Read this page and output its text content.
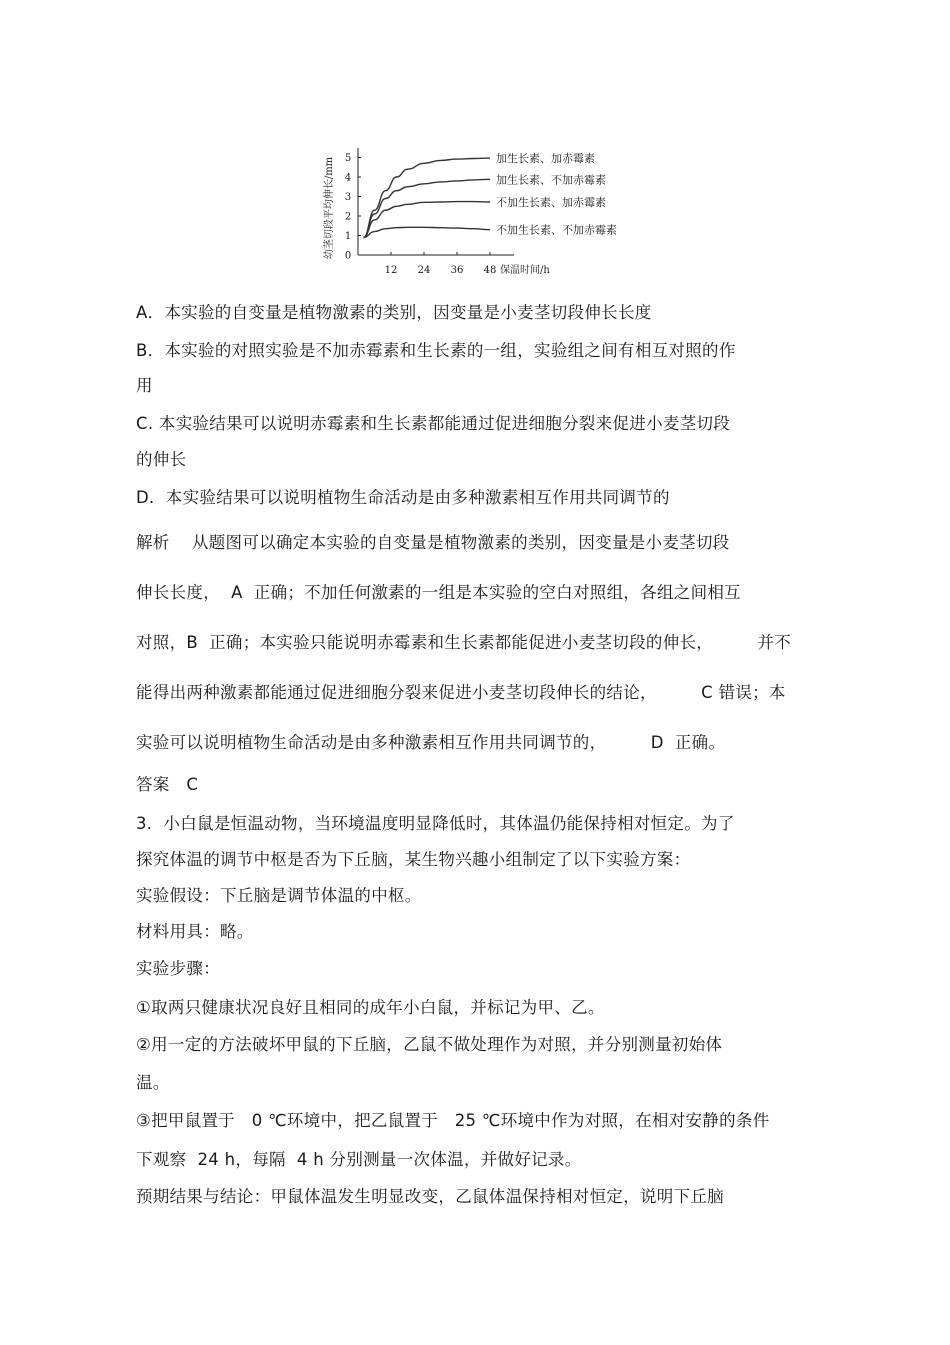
幼茎切段平均伸长/mm 0
1
2
3
4
5
12 24 36 48 保温时间/h
加生长素、加赤霉素
加生长素、不加赤霉素
不加生长素、加赤霉素
不加生长素、不加赤霉素
A．本实验的自变量是植物激素的类别，因变量是小麦茎切段伸长长度
B．本实验的对照实验是不加赤霉素和生长素的一组，实验组之间有相互对照的作
用
C. 本实验结果可以说明赤霉素和生长素都能通过促进细胞分裂来促进小麦茎切段
的伸长
D．本实验结果可以说明植物生命活动是由多种激素相互作用共同调节的
解析　 从题图可以确定本实验的自变量是植物激素的类别，因变量是小麦茎切段
伸长长度，  A  正确；不加任何激素的一组是本实验的空白对照组，各组之间相互
对照，B  正确；本实验只能说明赤霉素和生长素都能促进小麦茎切段的伸长，        并不
能得出两种激素都能通过促进细胞分裂来促进小麦茎切段伸长的结论，        C 错误；本
实验可以说明植物生命活动是由多种激素相互作用共同调节的，        D  正确。
答案　C
3.  小白鼠是恒温动物，当环境温度明显降低时，其体温仍能保持相对恒定。为了
探究体温的调节中枢是否为下丘脑，某生物兴趣小组制定了以下实验方案：
实验假设：下丘脑是调节体温的中枢。
材料用具：略。
实验步骤：
①取两只健康状况良好且相同的成年小白鼠，并标记为甲、乙。
②用一定的方法破坏甲鼠的下丘脑，乙鼠不做处理作为对照，并分别测量初始体
温。
③把甲鼠置于   0 ℃环境中，把乙鼠置于   25 ℃环境中作为对照，在相对安静的条件
下观察  24 h，每隔  4 h 分别测量一次体温，并做好记录。
预期结果与结论：甲鼠体温发生明显改变，乙鼠体温保持相对恒定，说明下丘脑
